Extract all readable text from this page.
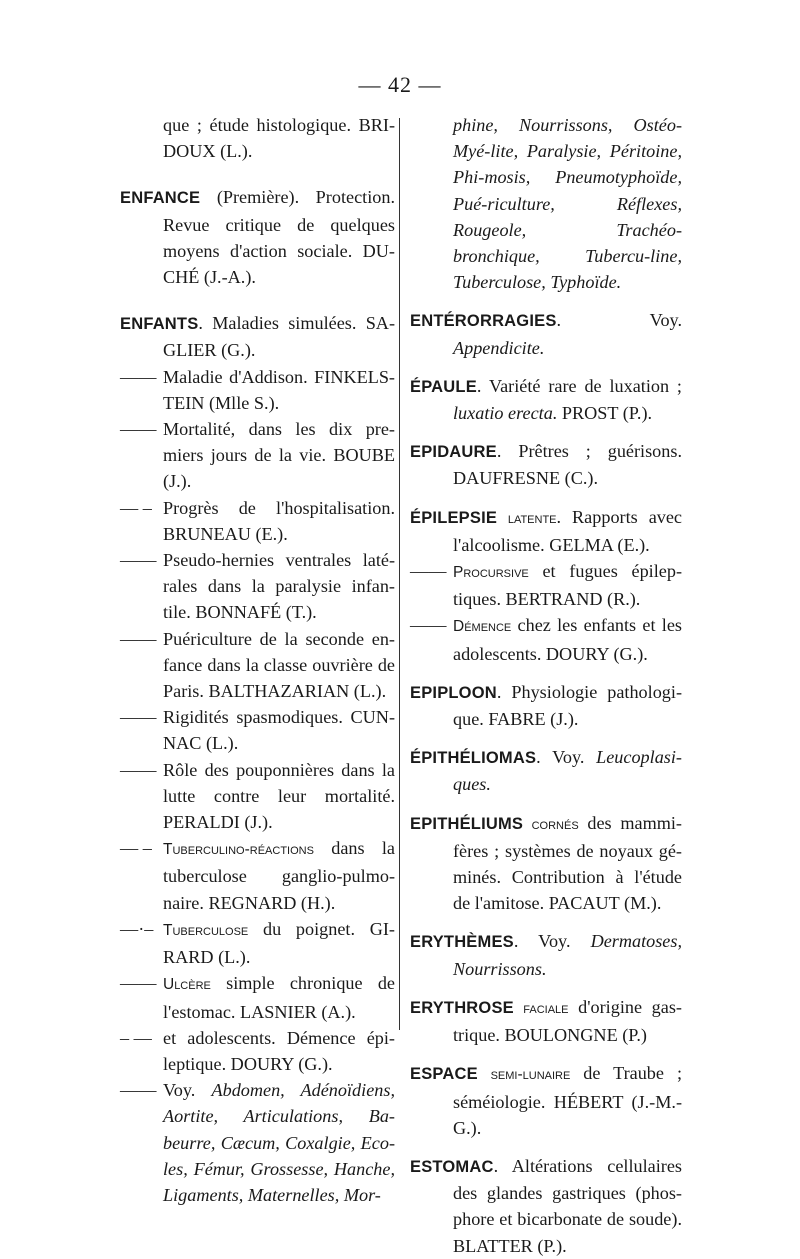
— 42 —
que ; étude histologique. BRI-DOUX (L.).
ENFANCE (Première). Protection. Revue critique de quelques moyens d'action sociale. DU-CHÉ (J.-A.).
ENFANTS. Maladies simulées. SA-GLIER (G.).
—— Maladie d'Addison. FINKELS-TEIN (Mlle S.).
—— Mortalité, dans les dix pre-miers jours de la vie. BOUBE (J.).
— – Progrès de l'hospitalisation. BRUNEAU (E.).
—— Pseudo-hernies ventrales laté-rales dans la paralysie infan-tile. BONNAFÉ (T.).
—— Puériculture de la seconde en-fance dans la classe ouvrière de Paris. BALTHAZARIAN (L.).
—— Rigidités spasmodiques. CUN-NAC (L.).
—— Rôle des pouponnières dans la lutte contre leur mortalité. PERALDI (J.).
— – Tuberculino-réactions dans la tuberculose ganglio-pulmo-naire. REGNARD (H.).
—·– Tuberculose du poignet. GI-RARD (L.).
—— Ulcère simple chronique de l'estomac. LASNIER (A.).
– — et adolescents. Démence épi-leptique. DOURY (G.).
—— Voy. Abdomen, Adénoïdiens, Aortite, Articulations, Ba-beurre, Cæcum, Coxalgie, Eco-les, Fémur, Grossesse, Hanche, Ligaments, Maternelles, Mor-
phine, Nourrissons, Ostéo-Myé-lite, Paralysie, Péritoine, Phi-mosis, Pneumotyphoïde, Pué-riculture, Réflexes, Rougeole, Trachéo-bronchique, Tubercu-line, Tuberculose, Typhoïde.
ENTÉRORRAGIES. Voy. Appendicite.
ÉPAULE. Variété rare de luxation ; luxatio erecta. PROST (P.).
EPIDAURE. Prêtres ; guérisons. DAUFRESNE (C.).
ÉPILEPSIE latente. Rapports avec l'alcoolisme. GELMA (E.).
—— Procursive et fugues épilep-tiques. BERTRAND (R.).
—— Démence chez les enfants et les adolescents. DOURY (G.).
EPIPLOON. Physiologie pathologi-que. FABRE (J.).
ÉPITHÉLIOMAS. Voy. Leucoplasi-ques.
EPITHÉLIUMS cornés des mammi-fères ; systèmes de noyaux gé-minés. Contribution à l'étude de l'amitose. PACAUT (M.).
ERYTHÈMES. Voy. Dermatoses, Nourrissons.
ERYTHROSE faciale d'origine gas-trique. BOULONGNE (P.)
ESPACE semi-lunaire de Traube ; séméiologie. HÉBERT (J.-M.-G.).
ESTOMAC. Altérations cellulaires des glandes gastriques (phos-phore et bicarbonate de soude). BLATTER (P.).
